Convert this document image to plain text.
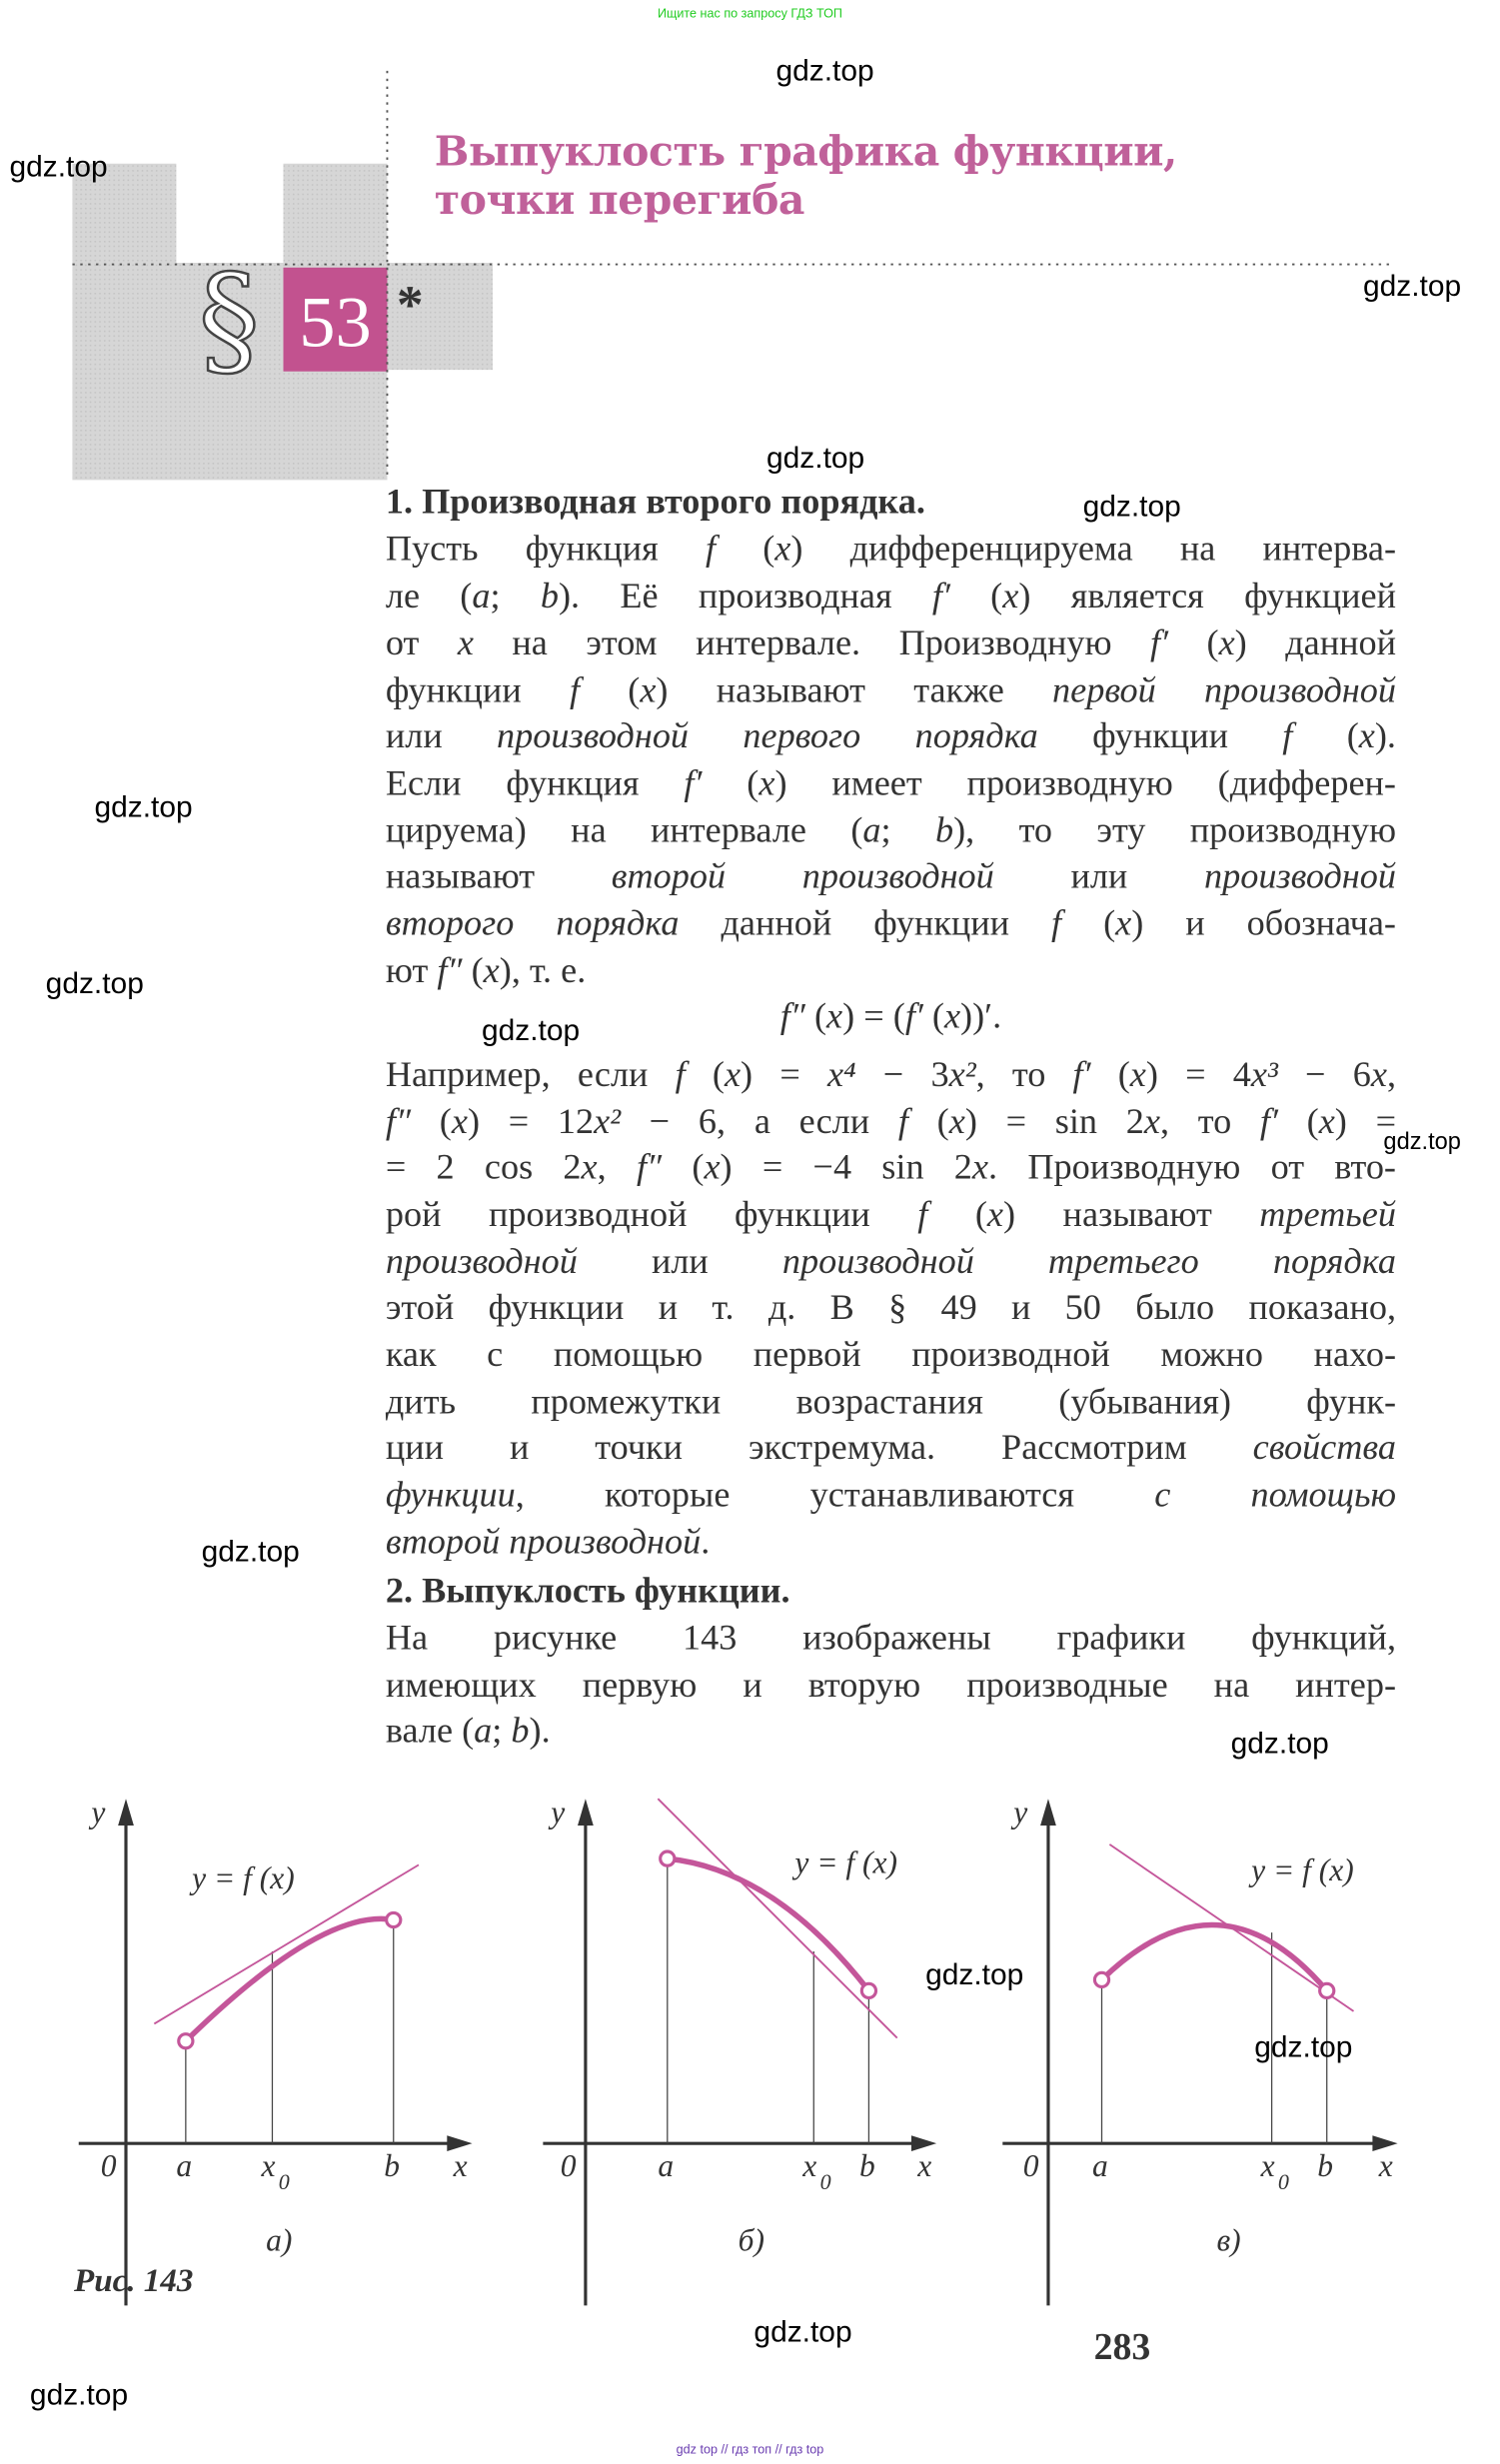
Ищите нас по запросу ГДЗ ТОП
§ 53 *
y
x
0	a	x 0	b
y = f (x)
а)
y
x
0	a	x 0 b
y = f (x)
б)
y
x
0	a	x 0 b
y = f (x)
в)
Рис. 143
283
Выпуклость графика функции,
точки перегиба
1. Производная второго порядка.
Пусть функция f (x) дифференцируема на интерва-
ле (a; b). Её производная f′ (x) является функцией
от x на этом интервале. Производную f′ (x) данной
функции f (x) называют также первой производной
или производной первого порядка функции f (x).
Если функция f′ (x) имеет производную (дифферен-
цируема) на интервале (a; b), то эту производную
называют второй производной или производной
второго порядка данной функции f (x) и обознача-
ют f″ (x), т. е.
f″ (x) = (f′ (x))′.
Например, если f (x) = x⁴ − 3x², то f′ (x) = 4x³ − 6x,
f″ (x) = 12x² − 6, а если f (x) = sin 2x, то f′ (x) =
= 2 cos 2x, f″ (x) = −4 sin 2x. Производную от вто-
рой производной функции f (x) называют третьей
производной или производной третьего порядка
этой функции и т. д. В § 49 и 50 было показано,
как с помощью первой производной можно нахо-
дить промежутки возрастания (убывания) функ-
ции и точки экстремума. Рассмотрим свойства
функции, которые устанавливаются с помощью
второй производной.
2. Выпуклость функции.
На рисунке 143 изображены графики функций,
имеющих первую и вторую производные на интер-
вале (a; b).
gdz.top
gdz.top
gdz.top
gdz.top
gdz.top
gdz.top
gdz.top
gdz.top
gdz.top
gdz.top
gdz.top
gdz.top
gdz.top
gdz.top
gdz.top
gdz top // гдз топ // гдз top
